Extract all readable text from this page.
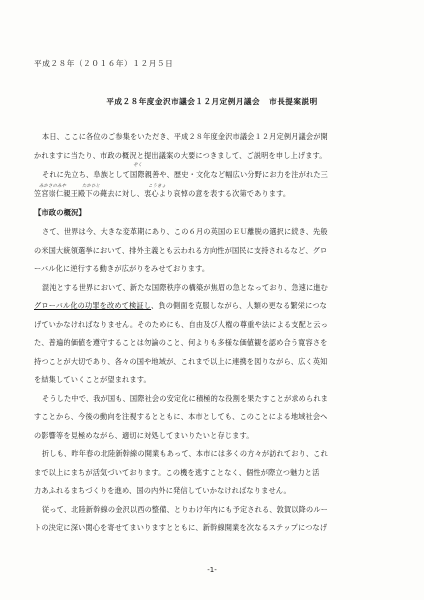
平成２８年（２０１６年）１２月５日
平成２８年度金沢市議会１２月定例月議会 市長提案説明
本日、ここに各位のご参集をいただき、平成２８年度金沢市議会１２月定例月議会が開
かれますに当たり、市政の概況と提出議案の大要につきまして、ご説明を申し上げます。
ぞく
みかさのみや	たかひと	こうきょ
それに先立ち、阜族として国際親善や、歴史・文化など幅広い分野にお力を注がれた三
笠宮崇仁親王殿下の薨去に対し、衷心より哀悼の意を表する次第であります。
【市政の概況】
さて、世界は今、大きな変革期にあり、この６月の英国のＥＵ離脱の選択に続き、先般
の米国大統領選挙において、排外主義とも云われる方向性が国民に支持されるなど、グロ
ーバル化に逆行する動きが広がりをみせております。
混沌とする世界において、新たな国際秩序の構築が焦眉の急となっており、急速に進む
グローバル化の功罪を改めて検証し、負の側面を克服しながら、人類の更なる繁栄につな
げていかなければなりません。そのためにも、自由及び人権の尊重や法による支配と云っ
た、普遍的価値を遵守することは勿論のこと、何よりも多様な価値観を認め合う寛容さを
持つことが大切であり、各々の国や地域が、これまで以上に連携を図りながら、広く英知
を結集していくことが望まれます。
そうした中で、我が国も、国際社会の安定化に積極的な役割を果たすことが求められま
すことから、今後の動向を注視するとともに、本市としても、このことによる地域社会へ
の影響等を見極めながら、適切に対処してまいりたいと存じます。
折しも、昨年春の北陸新幹線の開業もあって、本市には多くの方々が訪れており、これ
まで以上にまちが活気づいております。この機を逃すことなく、個性が際立つ魅力と活
力あふれるまちづくりを進め、国の内外に発信していかなければなりません。
従って、北陸新幹線の金沢以西の整備、とりわけ年内にも予定される、敦賀以降のルー
トの決定に深い関心を寄せてまいりますとともに、新幹線開業を次なるステップにつなげ
-1-
